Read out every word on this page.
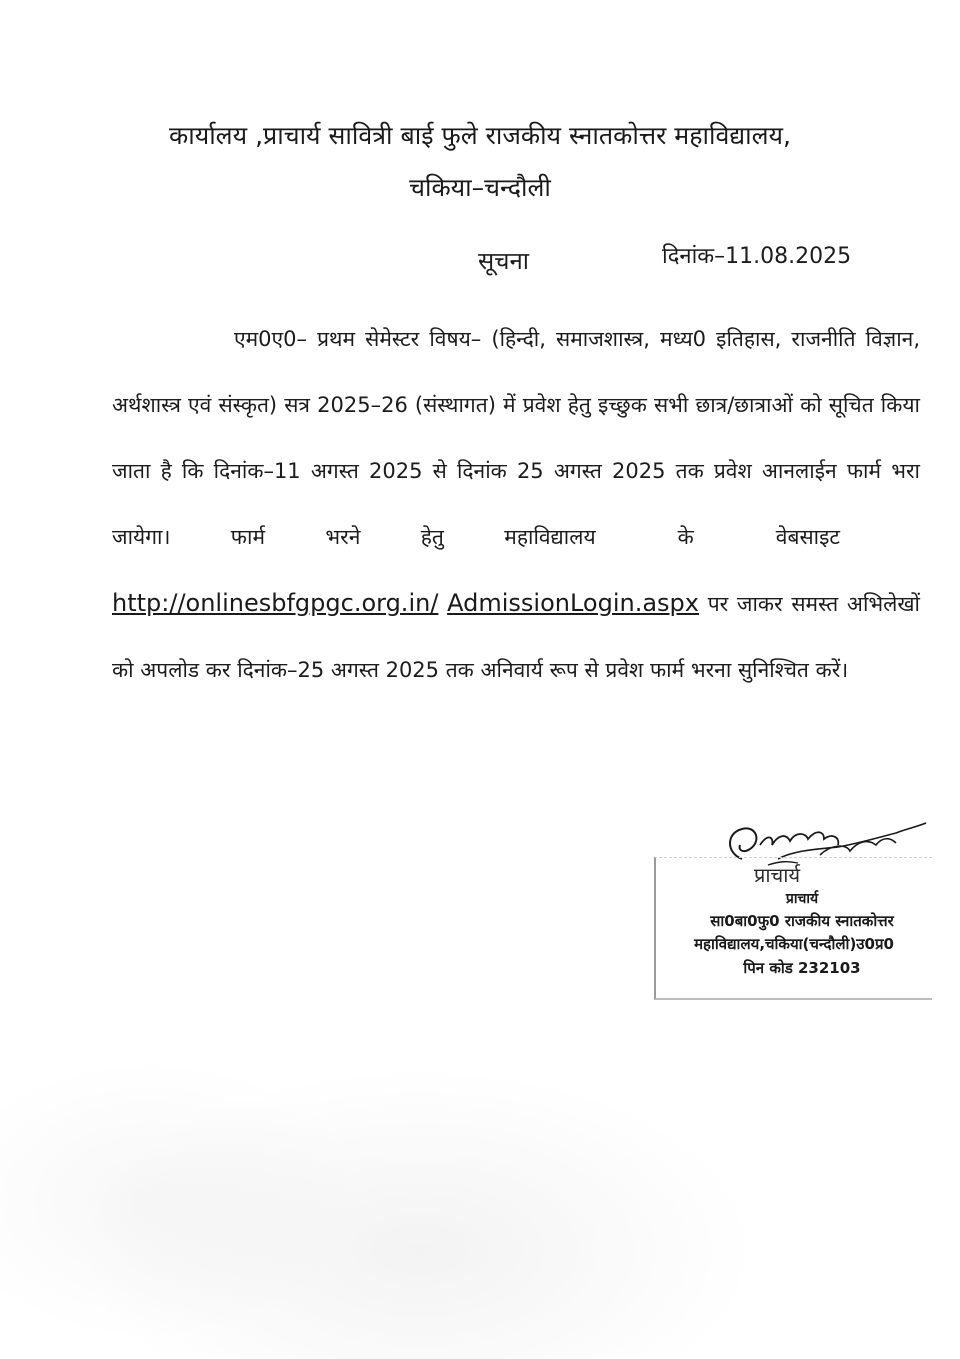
कार्यालय ,प्राचार्य सावित्री बाई फुले राजकीय स्नातकोत्तर महाविद्यालय,
चकिया–चन्दौली
सूचना	दिनांक–11.08.2025
एम0ए0– प्रथम सेमेस्टर विषय– (हिन्दी, समाजशास्त्र, मध्य0 इतिहास, राजनीति विज्ञान, अर्थशास्त्र एवं संस्कृत) सत्र 2025–26 (संस्थागत) में प्रवेश हेतु इच्छुक सभी छात्र/छात्राओं को सूचित किया जाता है कि दिनांक–11 अगस्त 2025 से दिनांक 25 अगस्त 2025 तक प्रवेश आनलाईन फार्म भरा जायेगा। फार्म भरने हेतु	महाविद्यालय	के	वेबसाइटhttp://onlinesbfgpgc.org.in/ AdmissionLogin.aspx पर जाकर समस्त अभिलेखों को अपलोड कर दिनांक–25 अगस्त 2025 तक अनिवार्य रूप से प्रवेश फार्म भरना सुनिश्चित करें।
प्राचार्य
प्राचार्य
सा0बा0फु0 राजकीय स्नातकोत्तर
महाविद्यालय,चकिया(चन्दौली)उ0प्र0
पिन कोड 232103
